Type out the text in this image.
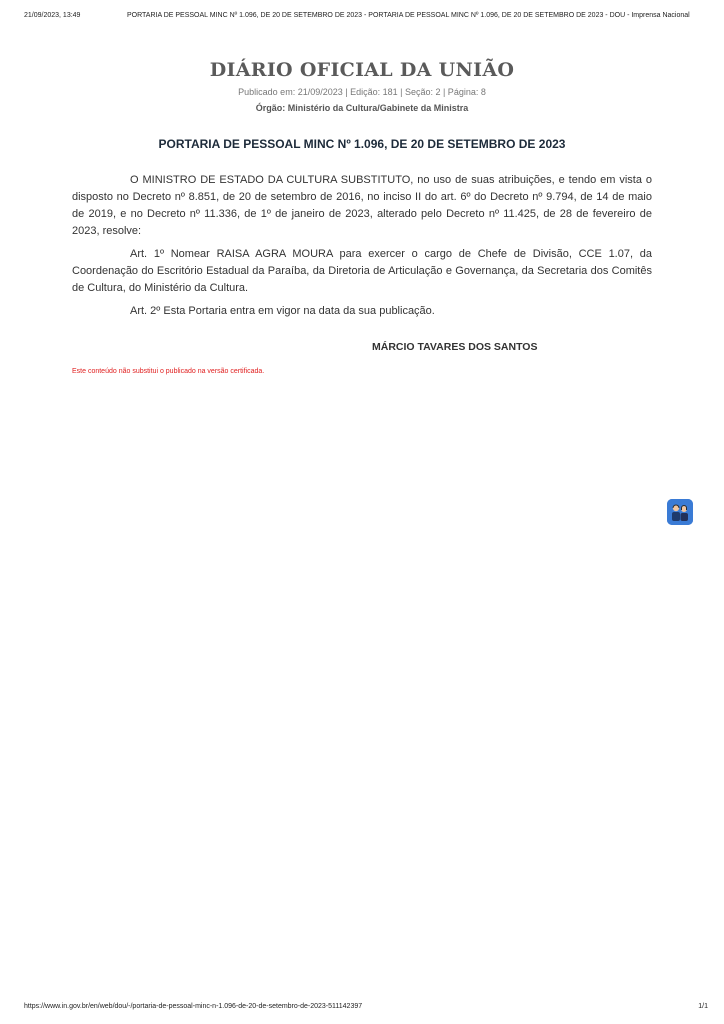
21/09/2023, 13:49	PORTARIA DE PESSOAL MINC Nº 1.096, DE 20 DE SETEMBRO DE 2023 - PORTARIA DE PESSOAL MINC Nº 1.096, DE 20 DE SETEMBRO DE 2023 - DOU - Imprensa Nacional
DIÁRIO OFICIAL DA UNIÃO
Publicado em: 21/09/2023 | Edição: 181 | Seção: 2 | Página: 8
Órgão: Ministério da Cultura/Gabinete da Ministra
PORTARIA DE PESSOAL MINC Nº 1.096, DE 20 DE SETEMBRO DE 2023

O MINISTRO DE ESTADO DA CULTURA SUBSTITUTO, no uso de suas atribuições, e tendo em vista o disposto no Decreto nº 8.851, de 20 de setembro de 2016, no inciso II do art. 6º do Decreto nº 9.794, de 14 de maio de 2019, e no Decreto nº 11.336, de 1º de janeiro de 2023, alterado pelo Decreto nº 11.425, de 28 de fevereiro de 2023, resolve:

Art. 1º Nomear RAISA AGRA MOURA para exercer o cargo de Chefe de Divisão, CCE 1.07, da Coordenação do Escritório Estadual da Paraíba, da Diretoria de Articulação e Governança, da Secretaria dos Comitês de Cultura, do Ministério da Cultura.

Art. 2º Esta Portaria entra em vigor na data da sua publicação.

MÁRCIO TAVARES DOS SANTOS
Este conteúdo não substitui o publicado na versão certificada.
https://www.in.gov.br/en/web/dou/-/portaria-de-pessoal-minc-n-1.096-de-20-de-setembro-de-2023-511142397	1/1
